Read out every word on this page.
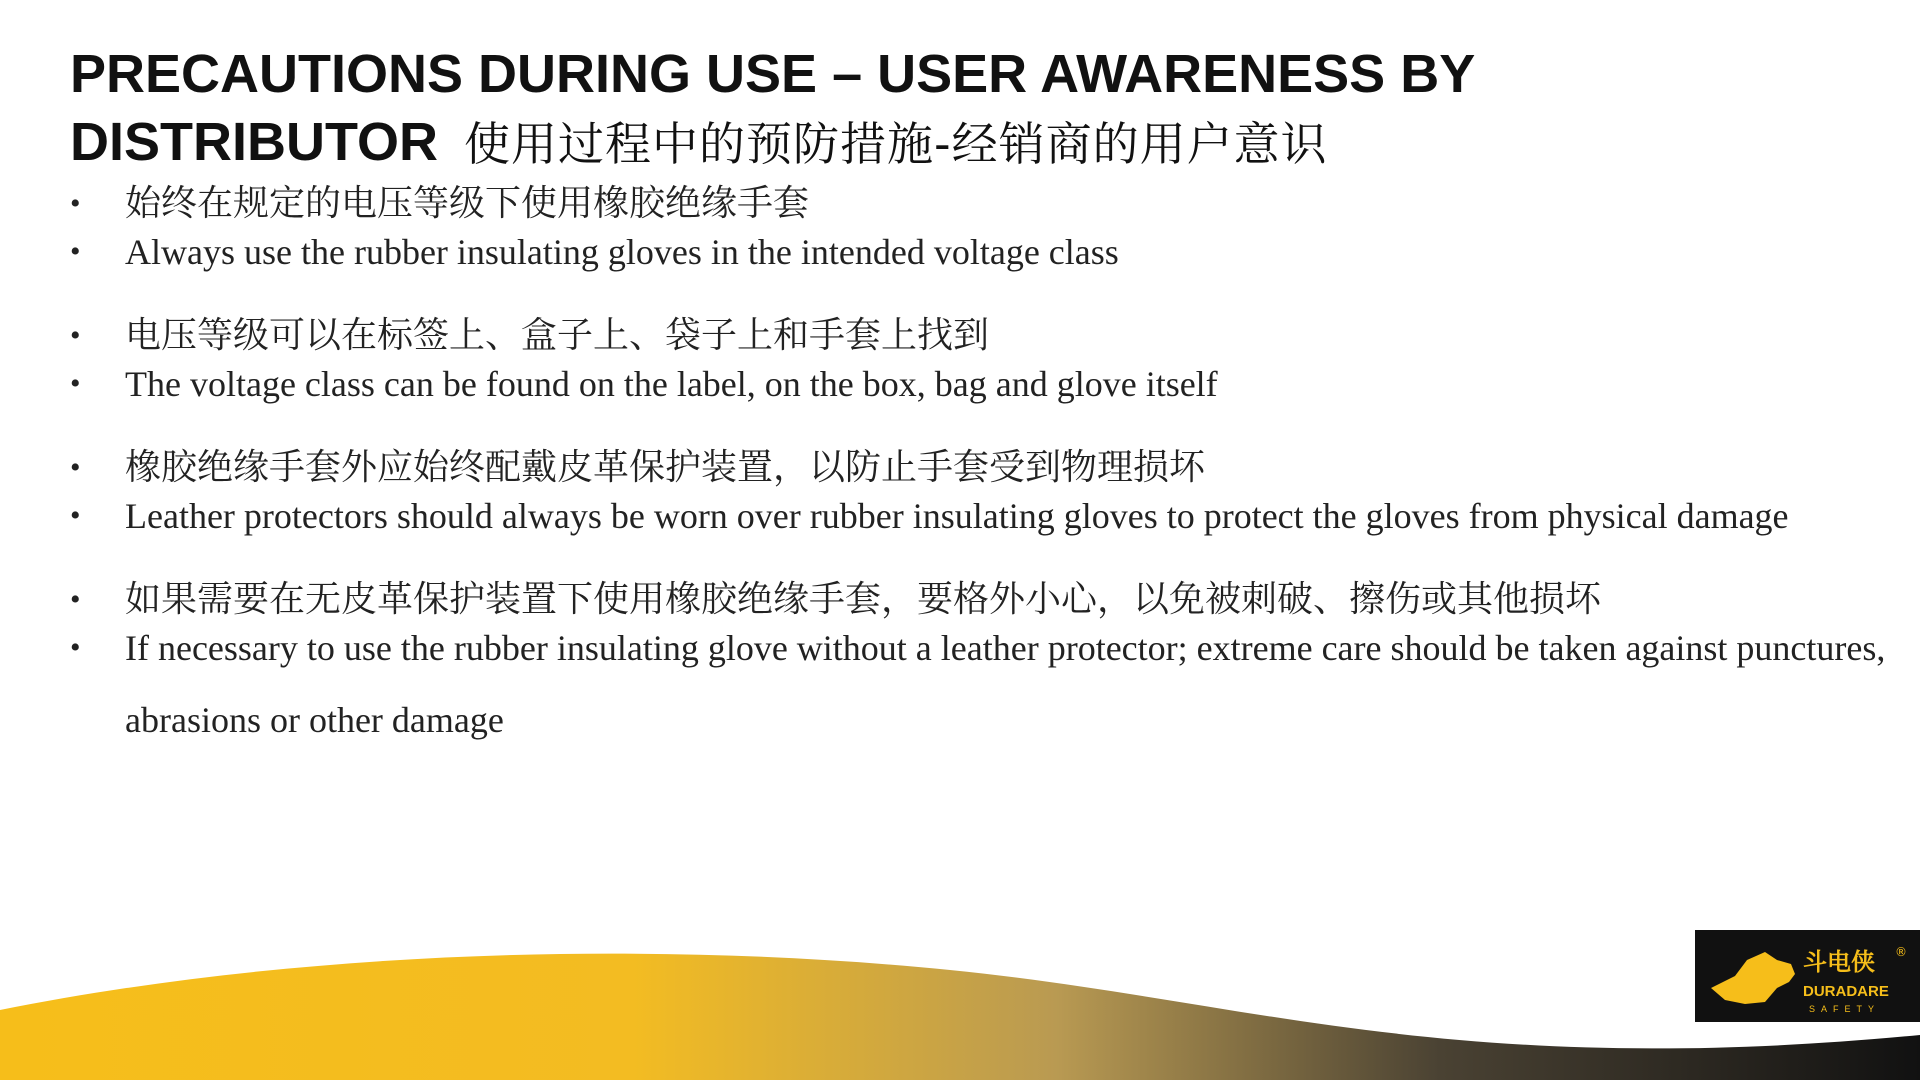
PRECAUTIONS DURING USE – USER AWARENESS BY
DISTRIBUTOR 使用过程中的预防措施-经销商的用户意识
•	始终在规定的电压等级下使用橡胶绝缘手套
•	Always use the rubber insulating gloves in the intended voltage class
•	电压等级可以在标签上、盒子上、袋子上和手套上找到
•	The voltage class can be found on the label, on the box, bag and glove itself
•	橡胶绝缘手套外应始终配戴皮革保护装置，以防止手套受到物理损坏
•	Leather protectors should always be worn over rubber insulating gloves to protect the gloves from physical damage
•	如果需要在无皮革保护装置下使用橡胶绝缘手套，要格外小心，以免被刺破、擦伤或其他损坏
•	If necessary to use the rubber insulating glove without a leather protector; extreme care should be taken against punctures, abrasions or other damage
斗电侠 ®
DURADARE
SAFETY
